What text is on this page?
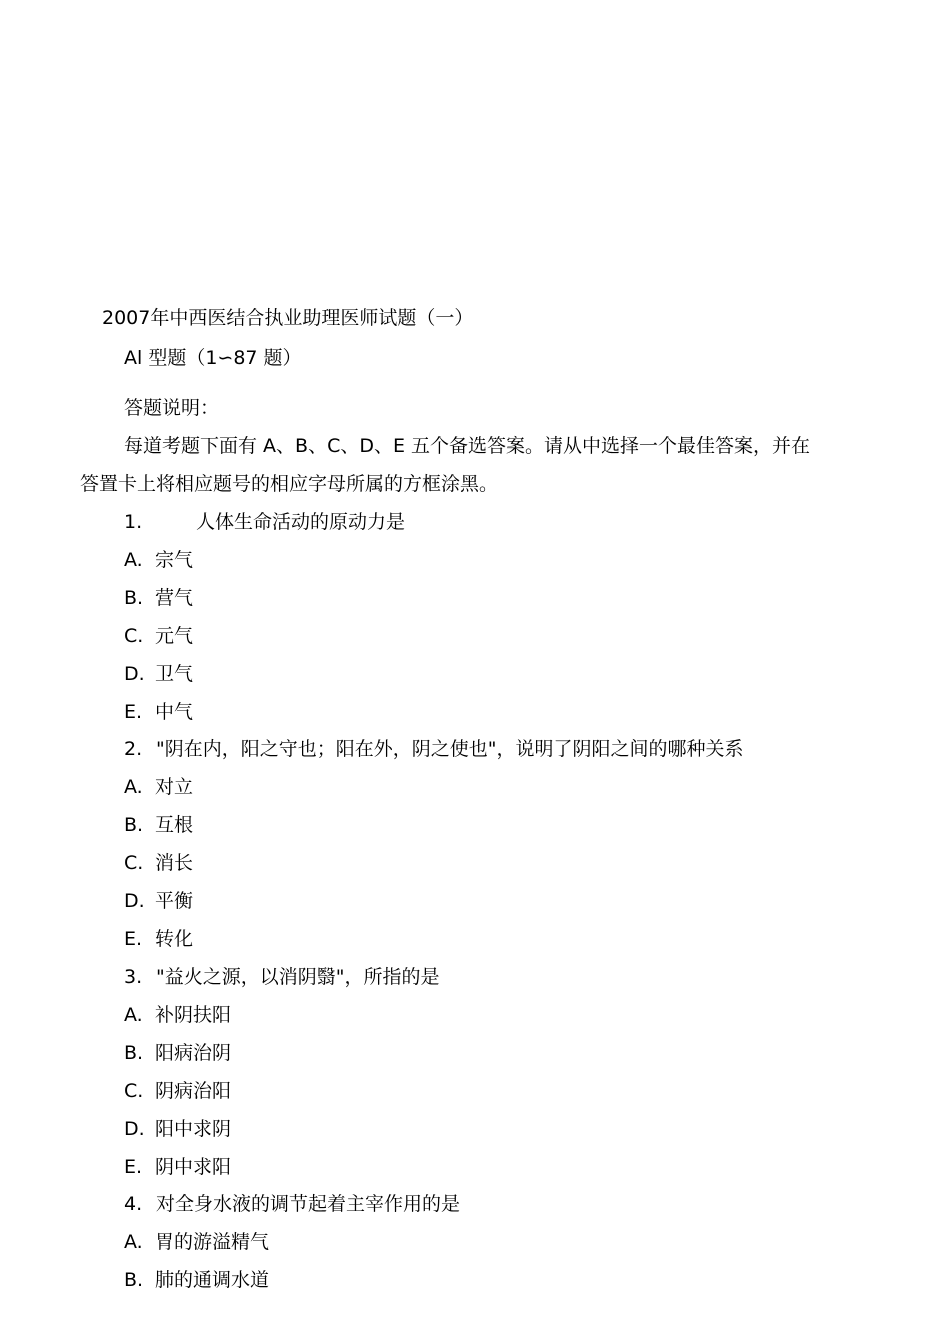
2007年中西医结合执业助理医师试题（一）
Al 型题（1∽87 题）
答题说明：
每道考题下面有 A、B、C、D、E 五个备选答案。请从中选择一个最佳答案，并在
答置卡上将相应题号的相应字母所属的方框涂黑。
1.	人体生命活动的原动力是
A. 宗气
B. 营气
C. 元气
D. 卫气
E. 中气
2. "阴在内，阳之守也；阳在外，阴之使也"，说明了阴阳之间的哪种关系
A. 对立
B. 互根
C. 消长
D. 平衡
E. 转化
3. "益火之源，以消阴翳"，所指的是
A. 补阴扶阳
B. 阳病治阴
C. 阴病治阳
D. 阳中求阴
E. 阴中求阳
4. 对全身水液的调节起着主宰作用的是
A. 胃的游溢精气
B. 肺的通调水道
